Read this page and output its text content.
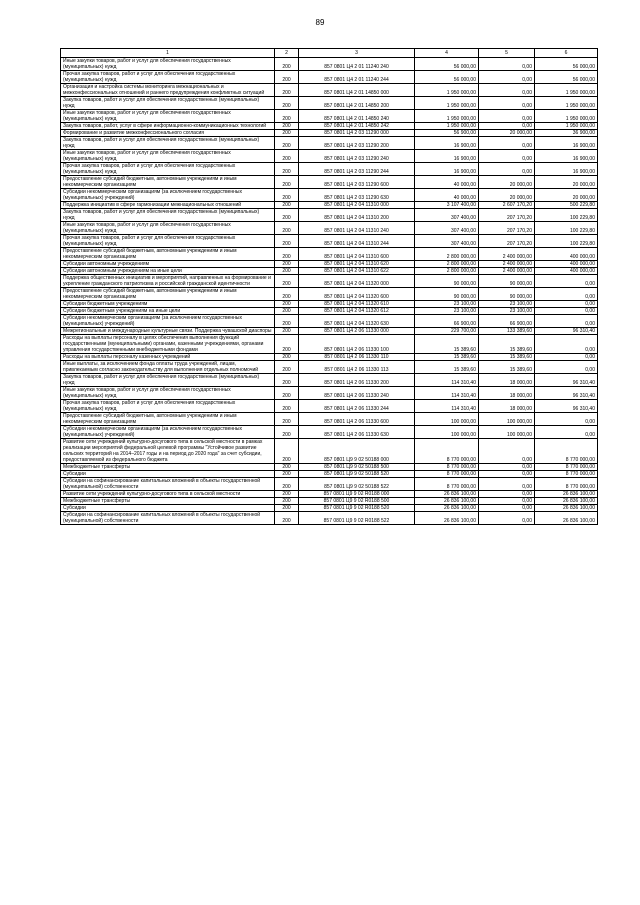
89
1	2	3	4	5	6
Иные закупки товаров, работ и услуг для обеспечения государственных (муниципальных) нужд	200	857 0801 Ц4 2 01 11240 240	56 000,00	0,00	56 000,00
Прочая закупка товаров, работ и услуг для обеспечения государственных (муниципальных) нужд	200	857 0801 Ц4 2 01 11240 244	56 000,00	0,00	56 000,00
Организация и настройка системы мониторинга межнациональных и межконфессиональных отношений и раннего предупреждения конфликтных ситуаций	200	857 0801 Ц4 2 01 14850 000	1 950 000,00	0,00	1 950 000,00
Закупка товаров, работ и услуг для обеспечения государственных (муниципальных) нужд	200	857 0801 Ц4 2 01 14850 200	1 950 000,00	0,00	1 950 000,00
Иные закупки товаров, работ и услуг для обеспечения государственных (муниципальных) нужд	200	857 0801 Ц4 2 01 14850 240	1 950 000,00	0,00	1 950 000,00
Закупка товаров, работ, услуг в сфере информационно-коммуникационных технологий	200	857 0801 Ц4 2 01 14850 242	1 950 000,00	0,00	1 950 000,00
Формирование и развитие межконфессионального согласия	200	857 0801 Ц4 2 03 11290 000	56 900,00	20 000,00	36 900,00
Закупка товаров, работ и услуг для обеспечения государственных (муниципальных) нужд	200	857 0801 Ц4 2 03 11290 200	16 900,00	0,00	16 900,00
Иные закупки товаров, работ и услуг для обеспечения государственных (муниципальных) нужд	200	857 0801 Ц4 2 03 11290 240	16 900,00	0,00	16 900,00
Прочая закупка товаров, работ и услуг для обеспечения государственных (муниципальных) нужд	200	857 0801 Ц4 2 03 11290 244	16 900,00	0,00	16 900,00
Предоставление субсидий бюджетным, автономным учреждениям и иным некоммерческим организациям	200	857 0801 Ц4 2 03 11290 600	40 000,00	20 000,00	20 000,00
Субсидии некоммерческим организациям (за исключением государственных (муниципальных) учреждений)	200	857 0801 Ц4 2 03 11290 630	40 000,00	20 000,00	20 000,00
Поддержка инициатив в сфере гармонизации межнациональных отношений	200	857 0801 Ц4 2 04 11310 000	3 107 400,00	2 607 170,20	500 229,80
Закупка товаров, работ и услуг для обеспечения государственных (муниципальных) нужд	200	857 0801 Ц4 2 04 11310 200	307 400,00	207 170,20	100 229,80
Иные закупки товаров, работ и услуг для обеспечения государственных (муниципальных) нужд	200	857 0801 Ц4 2 04 11310 240	307 400,00	207 170,20	100 229,80
Прочая закупка товаров, работ и услуг для обеспечения государственных (муниципальных) нужд	200	857 0801 Ц4 2 04 11310 244	307 400,00	207 170,20	100 229,80
Предоставление субсидий бюджетным, автономным учреждениям и иным некоммерческим организациям	200	857 0801 Ц4 2 04 11310 600	2 800 000,00	2 400 000,00	400 000,00
Субсидии автономным учреждениям	200	857 0801 Ц4 2 04 11310 620	2 800 000,00	2 400 000,00	400 000,00
Субсидии автономным учреждениям на иные цели	200	857 0801 Ц4 2 04 11310 622	2 800 000,00	2 400 000,00	400 000,00
Поддержка общественных инициатив и мероприятий, направленных на формирование и укрепление гражданского патриотизма и российской гражданской идентичности	200	857 0801 Ц4 2 04 11320 000	90 000,00	90 000,00	0,00
Предоставление субсидий бюджетным, автономным учреждениям и иным некоммерческим организациям	200	857 0801 Ц4 2 04 11320 600	90 000,00	90 000,00	0,00
Субсидии бюджетным учреждениям	200	857 0801 Ц4 2 04 11320 610	23 100,00	23 100,00	0,00
Субсидии бюджетным учреждениям на иные цели	200	857 0801 Ц4 2 04 11320 612	23 100,00	23 100,00	0,00
Субсидии некоммерческим организациям (за исключением государственных (муниципальных) учреждений)	200	857 0801 Ц4 2 04 11320 630	66 900,00	66 900,00	0,00
Межрегиональные и международные культурные связи. Поддержка чувашской диаспоры	200	857 0801 Ц4 2 06 11330 000	229 700,00	133 389,60	96 310,40
Расходы на выплаты персоналу в целях обеспечения выполнения функций государственными (муниципальными) органами, казенными учреждениями, органами управления государственными внебюджетными фондами	200	857 0801 Ц4 2 06 11330 100	15 389,60	15 389,60	0,00
Расходы на выплаты персоналу казенных учреждений	200	857 0801 Ц4 2 06 11330 110	15 389,60	15 389,60	0,00
Иные выплаты, за исключением фонда оплаты труда учреждений, лицам, привлекаемым согласно законодательству для выполнения отдельных полномочий	200	857 0801 Ц4 2 06 11330 113	15 389,60	15 389,60	0,00
Закупка товаров, работ и услуг для обеспечения государственных (муниципальных) нужд	200	857 0801 Ц4 2 06 11330 200	114 310,40	18 000,00	96 310,40
Иные закупки товаров, работ и услуг для обеспечения государственных (муниципальных) нужд	200	857 0801 Ц4 2 06 11330 240	114 310,40	18 000,00	96 310,40
Прочая закупка товаров, работ и услуг для обеспечения государственных (муниципальных) нужд	200	857 0801 Ц4 2 06 11330 244	114 310,40	18 000,00	96 310,40
Предоставление субсидий бюджетным, автономным учреждениям и иным некоммерческим организациям	200	857 0801 Ц4 2 06 11330 600	100 000,00	100 000,00	0,00
Субсидии некоммерческим организациям (за исключением государственных (муниципальных) учреждений)	200	857 0801 Ц4 2 06 11330 630	100 000,00	100 000,00	0,00
Развитие сети учреждений культурно-досугового типа в сельской местности в рамках реализации мероприятий федеральной целевой программы "Устойчивое развитие сельских территорий на 2014–2017 годы и на период до 2020 года" за счет субсидии, предоставляемой из федерального бюджета	200	857 0801 Ц9 9 02 50188 000	8 770 000,00	0,00	8 770 000,00
Межбюджетные трансферты	200	857 0801 Ц9 9 02 50188 500	8 770 000,00	0,00	8 770 000,00
Субсидии	200	857 0801 Ц9 9 02 50188 520	8 770 000,00	0,00	8 770 000,00
Субсидии на софинансирование капитальных вложений в объекты государственной (муниципальной) собственности	200	857 0801 Ц9 9 02 50188 522	8 770 000,00	0,00	8 770 000,00
Развитие сети учреждений культурно-досугового типа в сельской местности	200	857 0801 Ц9 9 02 R0188 000	26 836 100,00	0,00	26 836 100,00
Межбюджетные трансферты	200	857 0801 Ц9 9 02 R0188 500	26 836 100,00	0,00	26 836 100,00
Субсидии	200	857 0801 Ц9 9 02 R0188 520	26 836 100,00	0,00	26 836 100,00
Субсидии на софинансирование капитальных вложений в объекты государственной (муниципальной) собственности	200	857 0801 Ц9 9 02 R0188 522	26 836 100,00	0,00	26 836 100,00
